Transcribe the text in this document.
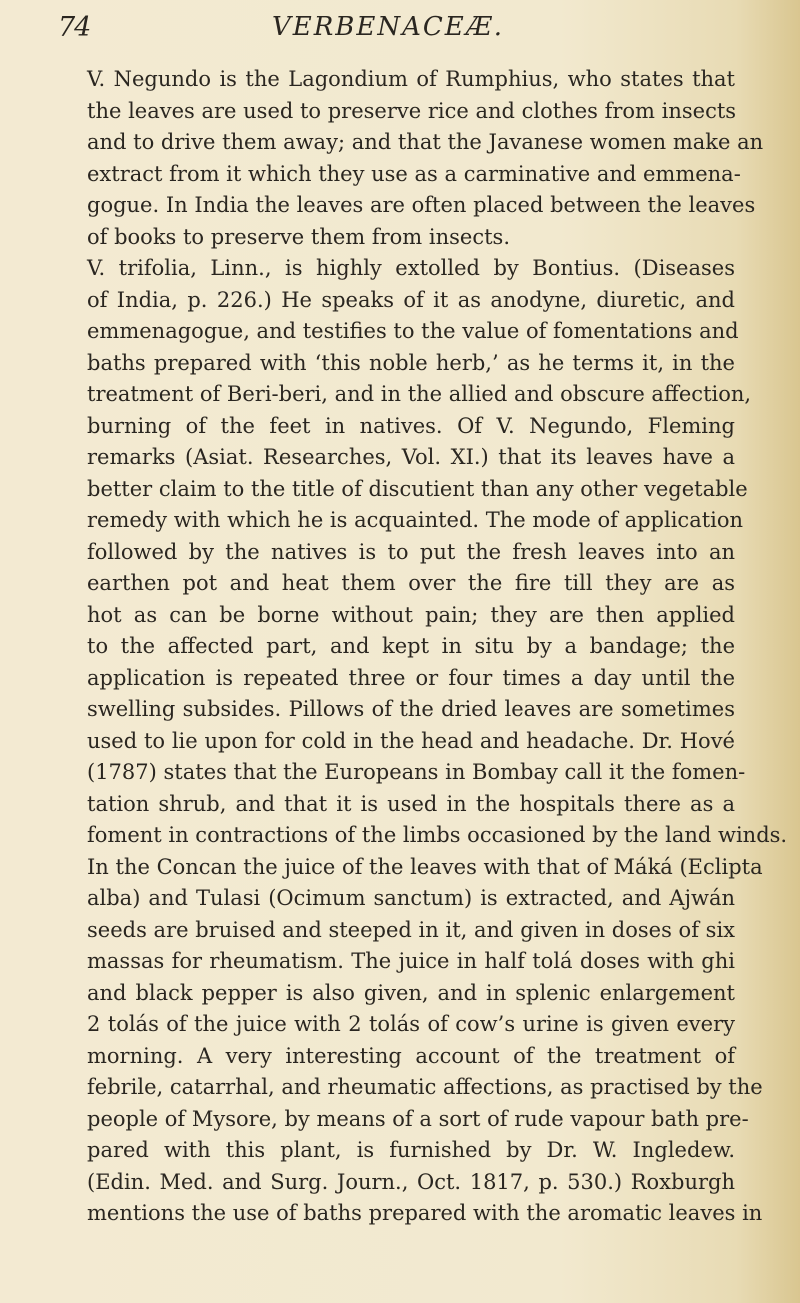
74	VERBENACEÆ.

V. Negundo is the Lagondium of Rumphius, who states that
the leaves are used to preserve rice and clothes from insects
and to drive them away; and that the Javanese women make an
extract from it which they use as a carminative and emmena-
gogue. In India the leaves are often placed between the leaves
of books to preserve them from insects.

V. trifolia, Linn., is highly extolled by Bontius. (Diseases
of India, p. 226.) He speaks of it as anodyne, diuretic, and
emmenagogue, and testifies to the value of fomentations and
baths prepared with ‘this noble herb,’ as he terms it, in the
treatment of Beri-beri, and in the allied and obscure affection,
burning of the feet in natives. Of V. Negundo, Fleming
remarks (Asiat. Researches, Vol. XI.) that its leaves have a
better claim to the title of discutient than any other vegetable
remedy with which he is acquainted. The mode of application
followed by the natives is to put the fresh leaves into an
earthen pot and heat them over the fire till they are as
hot as can be borne without pain; they are then applied
to the affected part, and kept in situ by a bandage; the
application is repeated three or four times a day until the
swelling subsides. Pillows of the dried leaves are sometimes
used to lie upon for cold in the head and headache. Dr. Hové
(1787) states that the Europeans in Bombay call it the fomen-
tation shrub, and that it is used in the hospitals there as a
foment in contractions of the limbs occasioned by the land winds.
In the Concan the juice of the leaves with that of Máká (Eclipta
alba) and Tulasi (Ocimum sanctum) is extracted, and Ajwán
seeds are bruised and steeped in it, and given in doses of six
massas for rheumatism. The juice in half tolá doses with ghi
and black pepper is also given, and in splenic enlargement
2 tolás of the juice with 2 tolás of cow’s urine is given every
morning. A very interesting account of the treatment of
febrile, catarrhal, and rheumatic affections, as practised by the
people of Mysore, by means of a sort of rude vapour bath pre-
pared with this plant, is furnished by Dr. W. Ingledew.
(Edin. Med. and Surg. Journ., Oct. 1817, p. 530.) Roxburgh
mentions the use of baths prepared with the aromatic leaves in
